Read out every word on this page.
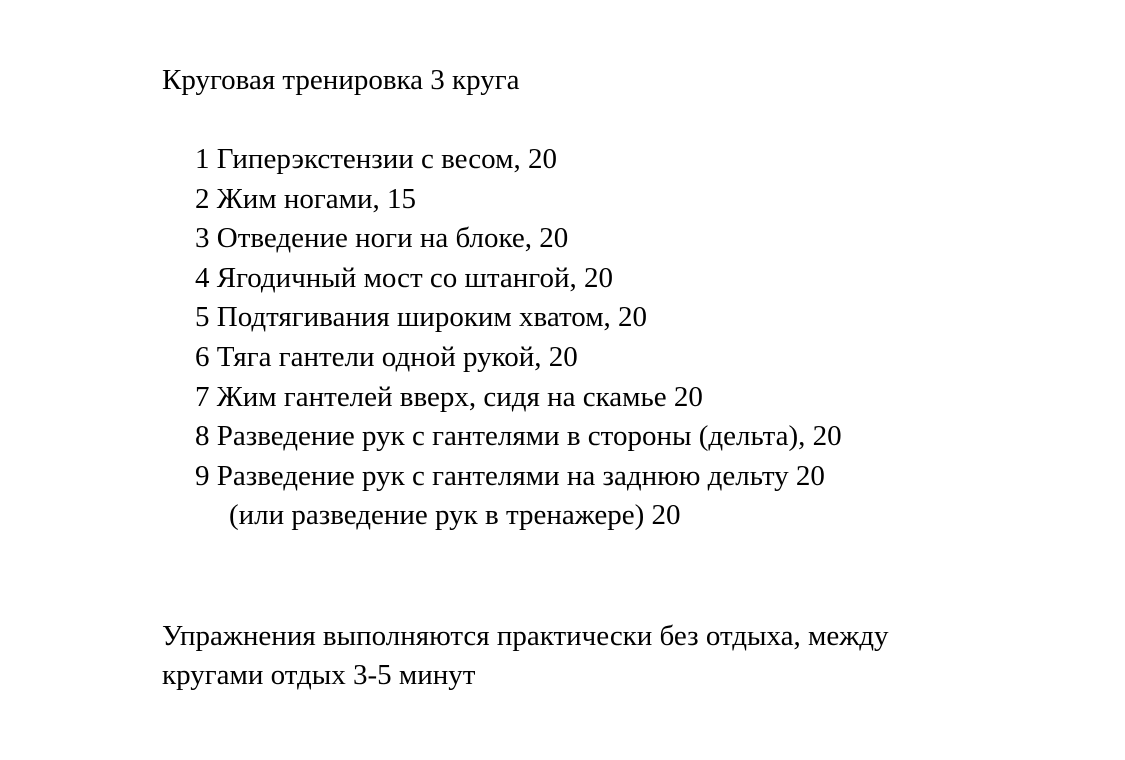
Круговая тренировка 3 круга
1 Гиперэкстензии с весом, 20
2 Жим ногами, 15
3 Отведение ноги на блоке, 20
4 Ягодичный мост со штангой, 20
5 Подтягивания широким хватом, 20
6 Тяга гантели одной рукой, 20
7 Жим гантелей вверх, сидя на скамье 20
8 Разведение рук с гантелями в стороны (дельта), 20
9 Разведение рук с гантелями на заднюю дельту 20
(или разведение рук в тренажере) 20
Упражнения выполняются практически без отдыха, между
кругами отдых 3-5 минут
